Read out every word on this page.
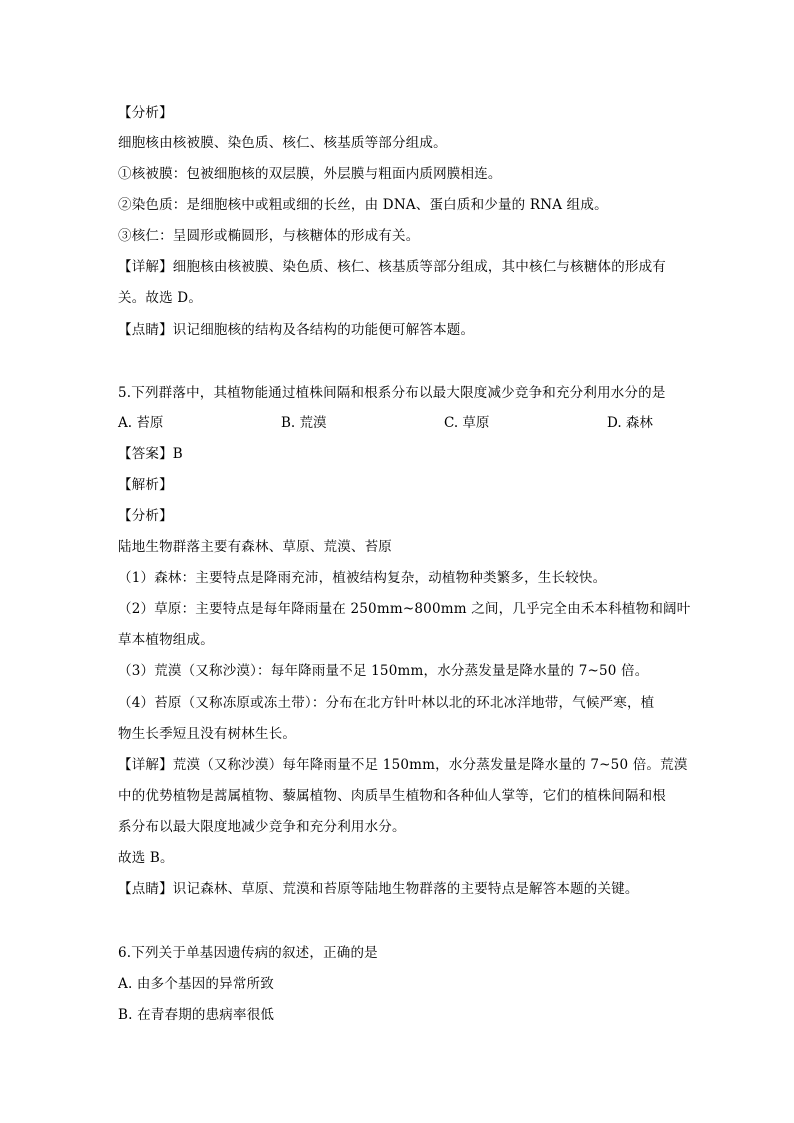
【分析】
细胞核由核被膜、染色质、核仁、核基质等部分组成。
①核被膜：包被细胞核的双层膜，外层膜与粗面内质网膜相连。
②染色质：是细胞核中或粗或细的长丝，由 DNA、蛋白质和少量的 RNA 组成。
③核仁：呈圆形或椭圆形，与核糖体的形成有关。
【详解】细胞核由核被膜、染色质、核仁、核基质等部分组成，其中核仁与核糖体的形成有
关。故选 D。
【点睛】识记细胞核的结构及各结构的功能便可解答本题。
5.下列群落中，其植物能通过植株间隔和根系分布以最大限度减少竞争和充分利用水分的是
A. 苔原	B. 荒漠	C. 草原	D. 森林
【答案】B
【解析】
【分析】
陆地生物群落主要有森林、草原、荒漠、苔原
（1）森林：主要特点是降雨充沛，植被结构复杂，动植物种类繁多，生长较快。
（2）草原：主要特点是每年降雨量在 250mm~800mm 之间，几乎完全由禾本科植物和阔叶
草本植物组成。
（3）荒漠（又称沙漠）：每年降雨量不足 150mm，水分蒸发量是降水量的 7~50 倍。
（4）苔原（又称冻原或冻土带）：分布在北方针叶林以北的环北冰洋地带，气候严寒，植
物生长季短且没有树林生长。
【详解】荒漠（又称沙漠）每年降雨量不足 150mm，水分蒸发量是降水量的 7~50 倍。荒漠
中的优势植物是蒿属植物、藜属植物、肉质旱生植物和各种仙人掌等，它们的植株间隔和根
系分布以最大限度地减少竞争和充分利用水分。
故选 B。
【点睛】识记森林、草原、荒漠和苔原等陆地生物群落的主要特点是解答本题的关键。
6.下列关于单基因遗传病的叙述，正确的是
A. 由多个基因的异常所致
B. 在青春期的患病率很低
